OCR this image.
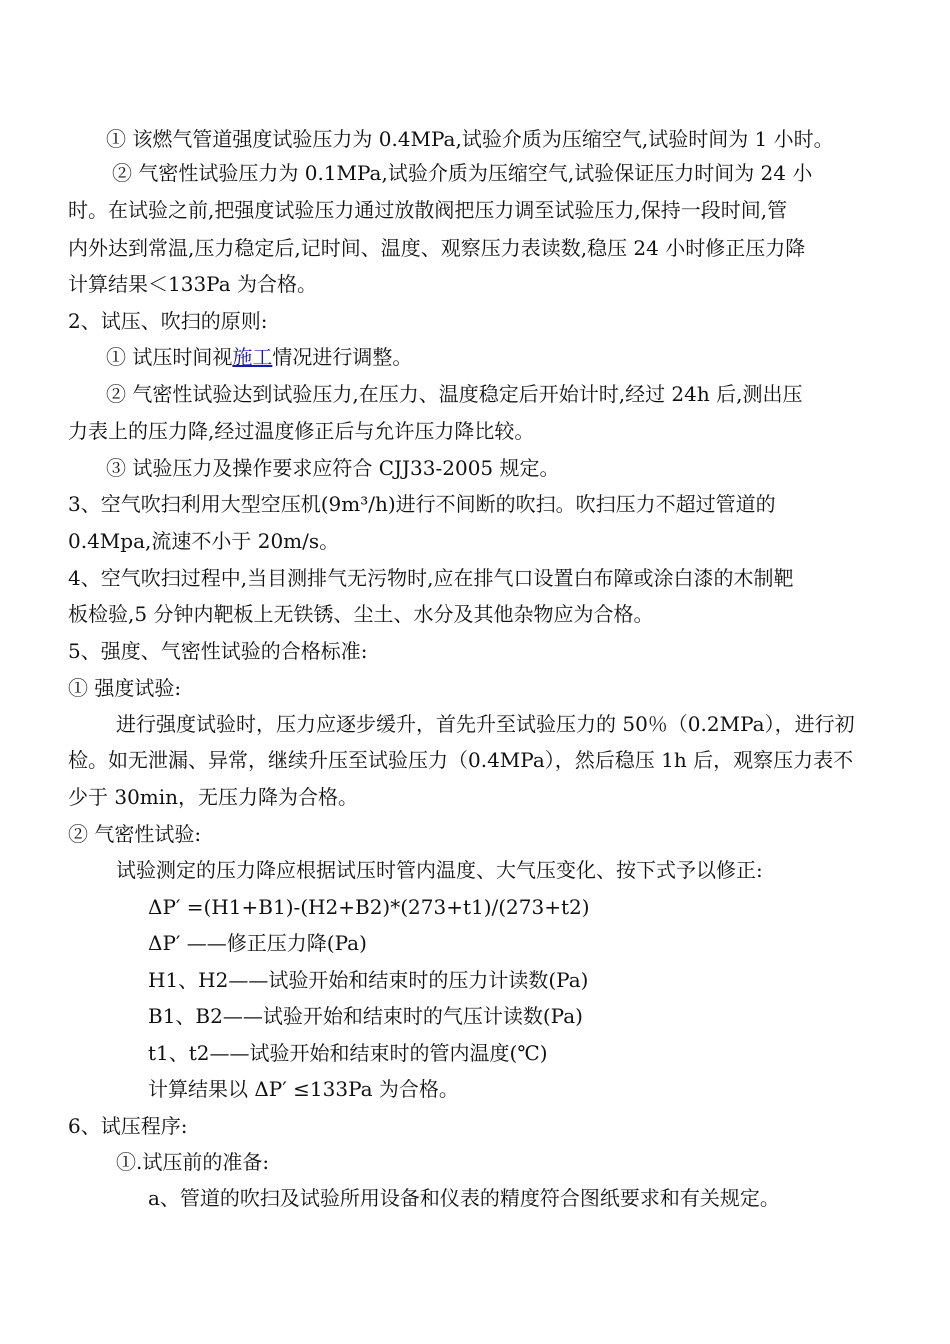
① 该燃气管道强度试验压力为 0.4MPa,试验介质为压缩空气,试验时间为 1 小时。
② 气密性试验压力为 0.1MPa,试验介质为压缩空气,试验保证压力时间为 24 小
时。在试验之前,把强度试验压力通过放散阀把压力调至试验压力,保持一段时间,管
内外达到常温,压力稳定后,记时间、温度、观察压力表读数,稳压 24 小时修正压力降
计算结果＜133Pa 为合格。
2、试压、吹扫的原则:
① 试压时间视施工情况进行调整。
② 气密性试验达到试验压力,在压力、温度稳定后开始计时,经过 24h 后,测出压
力表上的压力降,经过温度修正后与允许压力降比较。
③ 试验压力及操作要求应符合 CJJ33-2005 规定。
3、空气吹扫利用大型空压机(9m³/h)进行不间断的吹扫。吹扫压力不超过管道的
0.4Mpa,流速不小于 20m/s。
4、空气吹扫过程中,当目测排气无污物时,应在排气口设置白布障或涂白漆的木制靶
板检验,5 分钟内靶板上无铁锈、尘土、水分及其他杂物应为合格。
5、强度、气密性试验的合格标准:
① 强度试验:
进行强度试验时，压力应逐步缓升，首先升至试验压力的 50％（0.2MPa），进行初
检。如无泄漏、异常，继续升压至试验压力（0.4MPa），然后稳压 1h 后，观察压力表不
少于 30min，无压力降为合格。
② 气密性试验:
试验测定的压力降应根据试压时管内温度、大气压变化、按下式予以修正:
ΔP′ =(H1+B1)-(H2+B2)*(273+t1)/(273+t2)
ΔP′ ——修正压力降(Pa)
H1、H2——试验开始和结束时的压力计读数(Pa)
B1、B2——试验开始和结束时的气压计读数(Pa)
t1、t2——试验开始和结束时的管内温度(℃)
计算结果以 ΔP′ ≤133Pa 为合格。
6、试压程序:
①.试压前的准备:
a、管道的吹扫及试验所用设备和仪表的精度符合图纸要求和有关规定。
